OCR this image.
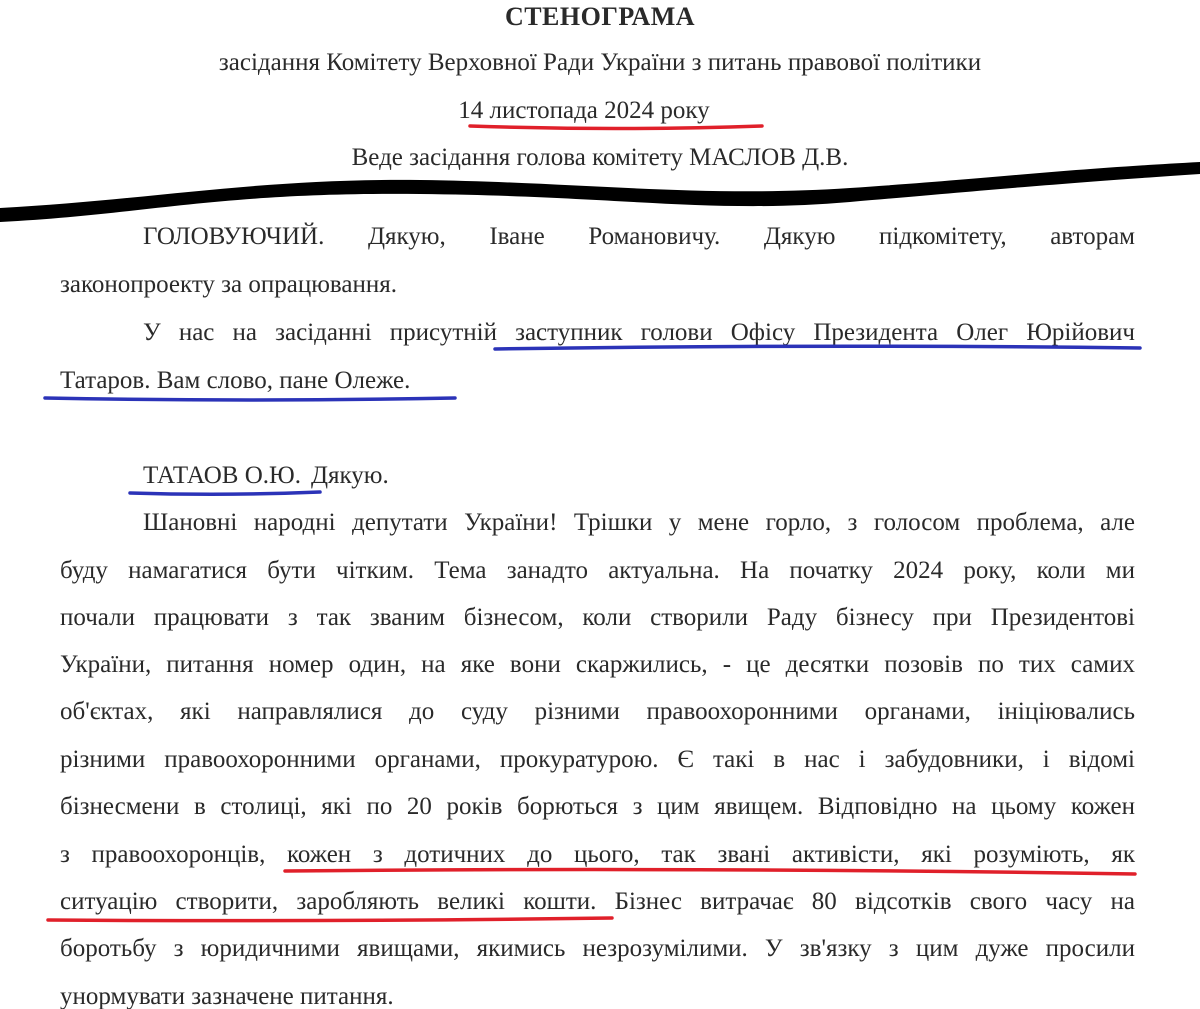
СТЕНОГРАМА
засідання Комітету Верховної Ради України з питань правової політики
14 листопада 2024 року
Веде засідання голова комітету МАСЛОВ Д.В.
ГОЛОВУЮЧИЙ. Дякую, Іване Романовичу. Дякую підкомітету, авторам
законопроекту за опрацювання.
У нас на засіданні присутній заступник голови Офісу Президента Олег Юрійович
Татаров. Вам слово, пане Олеже.
ТАТАОВ О.Ю. Дякую.
Шановні народні депутати України! Трішки у мене горло, з голосом проблема, але
буду намагатися бути чітким. Тема занадто актуальна. На початку 2024 року, коли ми
почали працювати з так званим бізнесом, коли створили Раду бізнесу при Президентові
України, питання номер один, на яке вони скаржились, - це десятки позовів по тих самих
об'єктах, які направлялися до суду різними правоохоронними органами, ініціювались
різними правоохоронними органами, прокуратурою. Є такі в нас і забудовники, і відомі
бізнесмени в столиці, які по 20 років борються з цим явищем. Відповідно на цьому кожен
з правоохоронців, кожен з дотичних до цього, так звані активісти, які розуміють, як
ситуацію створити, заробляють великі кошти. Бізнес витрачає 80 відсотків свого часу на
боротьбу з юридичними явищами, якимись незрозумілими. У зв'язку з цим дуже просили
унормувати зазначене питання.
